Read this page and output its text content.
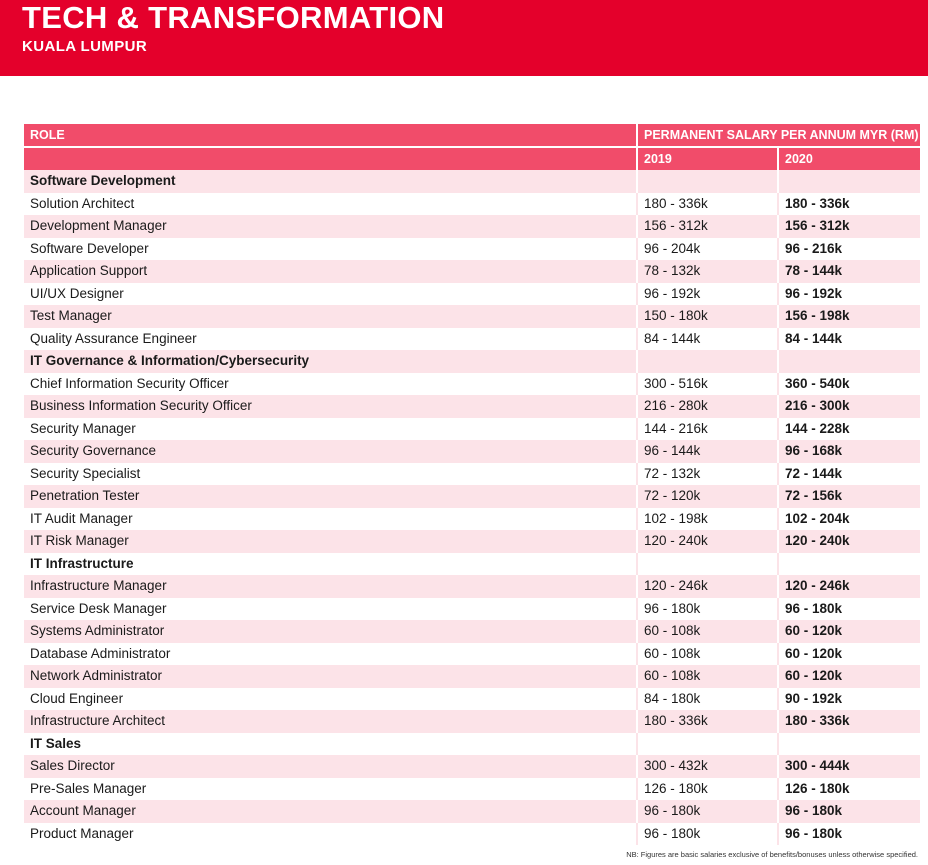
TECH & TRANSFORMATION
KUALA LUMPUR
ROLE	PERMANENT SALARY PER ANNUM MYR (RM)
2019	2020
Software Development
Solution Architect	180 - 336k	180 - 336k
Development Manager	156 - 312k	156 - 312k
Software Developer	96 - 204k	96 - 216k
Application Support	78 - 132k	78 - 144k
UI/UX Designer	96 - 192k	96 - 192k
Test Manager	150 - 180k	156 - 198k
Quality Assurance Engineer	84 - 144k	84 - 144k
IT Governance & Information/Cybersecurity
Chief Information Security Officer	300 - 516k	360 - 540k
Business Information Security Officer	216 - 280k	216 - 300k
Security Manager	144 - 216k	144 - 228k
Security Governance	96 - 144k	96 - 168k
Security Specialist	72 - 132k	72 - 144k
Penetration Tester	72 - 120k	72 - 156k
IT Audit Manager	102 - 198k	102 - 204k
IT Risk Manager	120 - 240k	120 - 240k
IT Infrastructure
Infrastructure Manager	120 - 246k	120 - 246k
Service Desk Manager	96 - 180k	96 - 180k
Systems Administrator	60 - 108k	60 - 120k
Database Administrator	60 - 108k	60 - 120k
Network Administrator	60 - 108k	60 - 120k
Cloud Engineer	84 - 180k	90 - 192k
Infrastructure Architect	180 - 336k	180 - 336k
IT Sales
Sales Director	300 - 432k	300 - 444k
Pre-Sales Manager	126 - 180k	126 - 180k
Account Manager	96 - 180k	96 - 180k
Product Manager	96 - 180k	96 - 180k
NB: Figures are basic salaries exclusive of benefits/bonuses unless otherwise specified.
